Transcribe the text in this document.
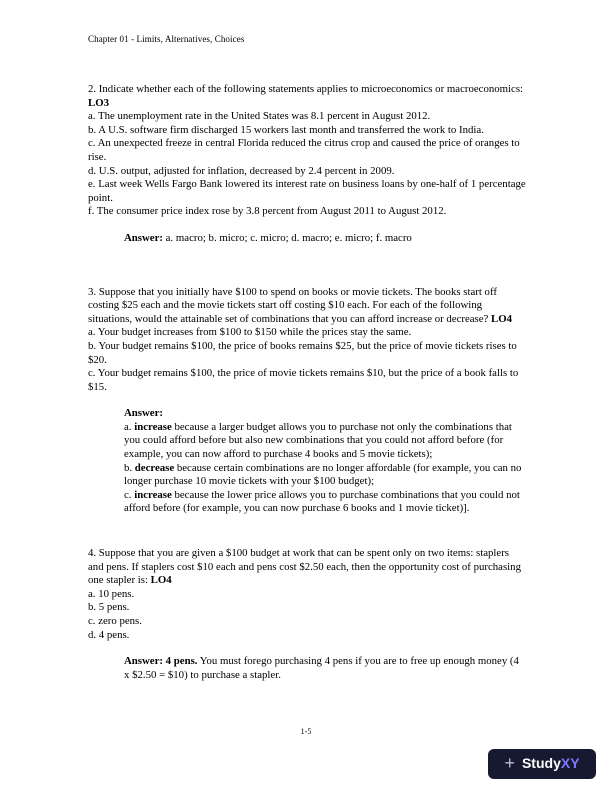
Chapter 01 - Limits, Alternatives, Choices
2. Indicate whether each of the following statements applies to microeconomics or macroeconomics: LO3
a. The unemployment rate in the United States was 8.1 percent in August 2012.
b. A U.S. software firm discharged 15 workers last month and transferred the work to India.
c. An unexpected freeze in central Florida reduced the citrus crop and caused the price of oranges to rise.
d. U.S. output, adjusted for inflation, decreased by 2.4 percent in 2009.
e. Last week Wells Fargo Bank lowered its interest rate on business loans by one-half of 1 percentage point.
f. The consumer price index rose by 3.8 percent from August 2011 to August 2012.
Answer: a. macro; b. micro; c. micro; d. macro; e. micro; f. macro
3. Suppose that you initially have $100 to spend on books or movie tickets. The books start off costing $25 each and the movie tickets start off costing $10 each. For each of the following situations, would the attainable set of combinations that you can afford increase or decrease? LO4
a. Your budget increases from $100 to $150 while the prices stay the same.
b. Your budget remains $100, the price of books remains $25, but the price of movie tickets rises to $20.
c. Your budget remains $100, the price of movie tickets remains $10, but the price of a book falls to $15.
Answer:
a. increase because a larger budget allows you to purchase not only the combinations that you could afford before but also new combinations that you could not afford before (for example, you can now afford to purchase 4 books and 5 movie tickets);
b. decrease because certain combinations are no longer affordable (for example, you can no longer purchase 10 movie tickets with your $100 budget);
c. increase because the lower price allows you to purchase combinations that you could not afford before (for example, you can now purchase 6 books and 1 movie ticket)].
4. Suppose that you are given a $100 budget at work that can be spent only on two items: staplers and pens. If staplers cost $10 each and pens cost $2.50 each, then the opportunity cost of purchasing one stapler is: LO4
a. 10 pens.
b. 5 pens.
c. zero pens.
d. 4 pens.
Answer: 4 pens. You must forego purchasing 4 pens if you are to free up enough money (4 x $2.50 = $10) to purchase a stapler.
1-5
+ StudyXY
